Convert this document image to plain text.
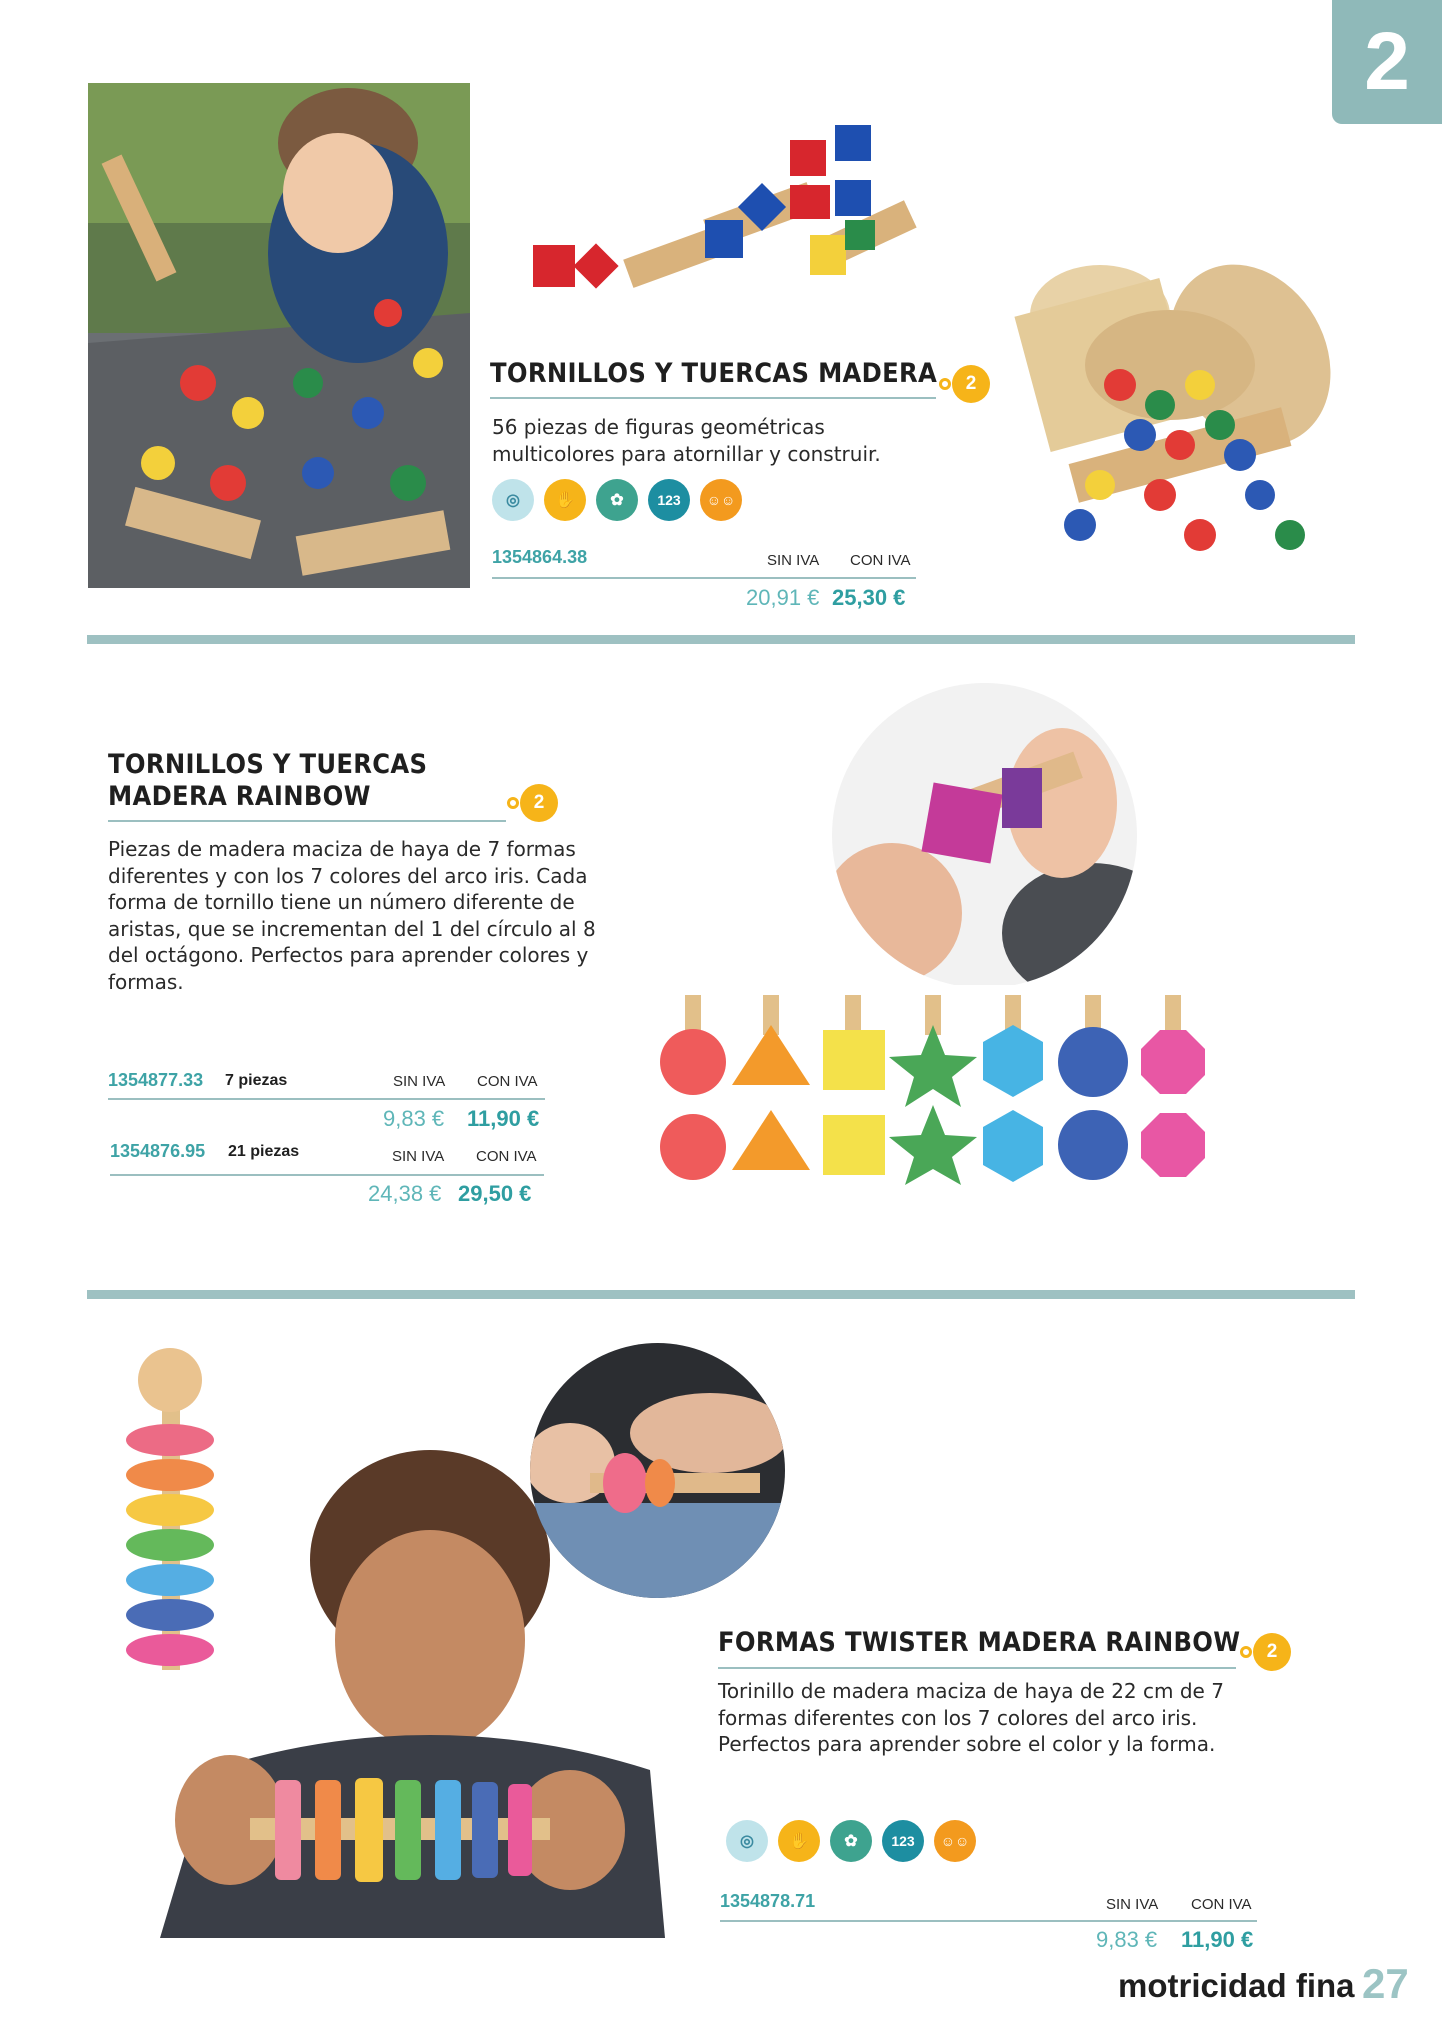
2
TORNILLOS Y TUERCAS MADERA	2
56 piezas de figuras geométricas multicolores para atornillar y construir.
◎	✋	✿	123	☺☺
1354864.38	SIN IVA CON IVA
20,91 € 25,30 €
TORNILLOS Y TUERCAS
MADERA RAINBOW	2
Piezas de madera maciza de haya de 7 formas diferentes y con los 7 colores del arco iris. Cada forma de tornillo tiene un número diferente de aristas, que se incrementan del 1 del círculo al 8 del octágono. Perfectos para aprender colores y formas.
1354877.33 7 piezas	SIN IVA CON IVA
9,83 € 11,90 €
1354876.95 21 piezas	SIN IVA CON IVA
24,38 € 29,50 €
FORMAS TWISTER MADERA RAINBOW	2
Torinillo de madera maciza de haya de 22 cm de 7 formas diferentes con los 7 colores del arco iris. Perfectos para aprender sobre el color y la forma.
◎	✋	✿	123	☺☺
1354878.71	SIN IVA CON IVA
9,83 € 11,90 €
motricidad fina 27
